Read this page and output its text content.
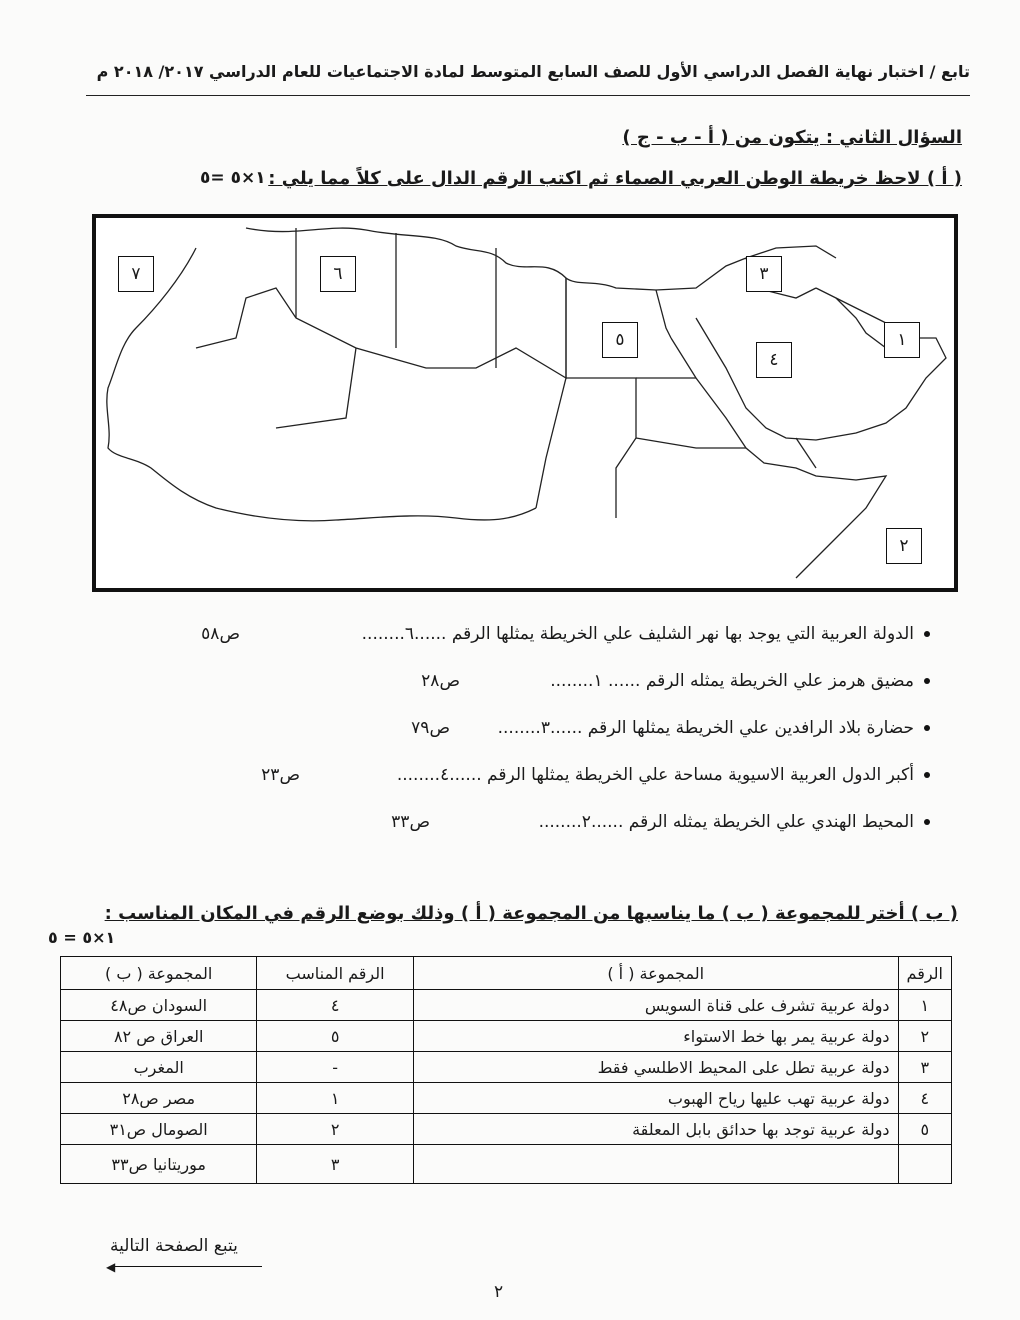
تابع / اختبار نهاية الفصل الدراسي الأول للصف السابع المتوسط لمادة الاجتماعيات للعام الدراسي ٢٠١٧/ ٢٠١٨ م
السؤال الثاني : يتكون من ( أ - ب - ج )
( أ ) لاحظ خريطة الوطن العربي الصماء ثم اكتب الرقم الدال على كلاً مما يلي :
١×٥ =٥
٧	٦	٣
٥
٤
١
٢
الدولة العربية التي يوجد بها نهر الشليف علي الخريطة يمثلها الرقم ......٦........
ص٥٨
مضيق هرمز علي الخريطة يمثله الرقم ...... ١........
ص٢٨
حضارة بلاد الرافدين علي الخريطة يمثلها الرقم ......٣........
ص٧٩
أكبر الدول العربية الاسيوية مساحة علي الخريطة يمثلها الرقم ......٤........
ص٢٣
المحيط الهندي علي الخريطة يمثله الرقم ......٢........
ص٣٣
( ب ) أختر للمجموعة ( ب ) ما يناسبها من المجموعة ( أ ) وذلك بوضع الرقم في المكان المناسب :
١×٥ = ٥
الرقم	المجموعة ( أ )	الرقم المناسب	المجموعة ( ب )
١	دولة عربية تشرف على قناة السويس	٤	السودان ص٤٨
٢	دولة عربية يمر بها خط الاستواء	٥	العراق ص ٨٢
٣	دولة عربية تطل على المحيط الاطلسي فقط	-	المغرب
٤	دولة عربية تهب عليها رياح الهبوب	١	مصر ص٢٨
٥	دولة عربية توجد بها حدائق بابل المعلقة	٢	الصومال ص٣١
		٣	موريتانيا ص٣٣
يتبع الصفحة التالية
◀
٢
